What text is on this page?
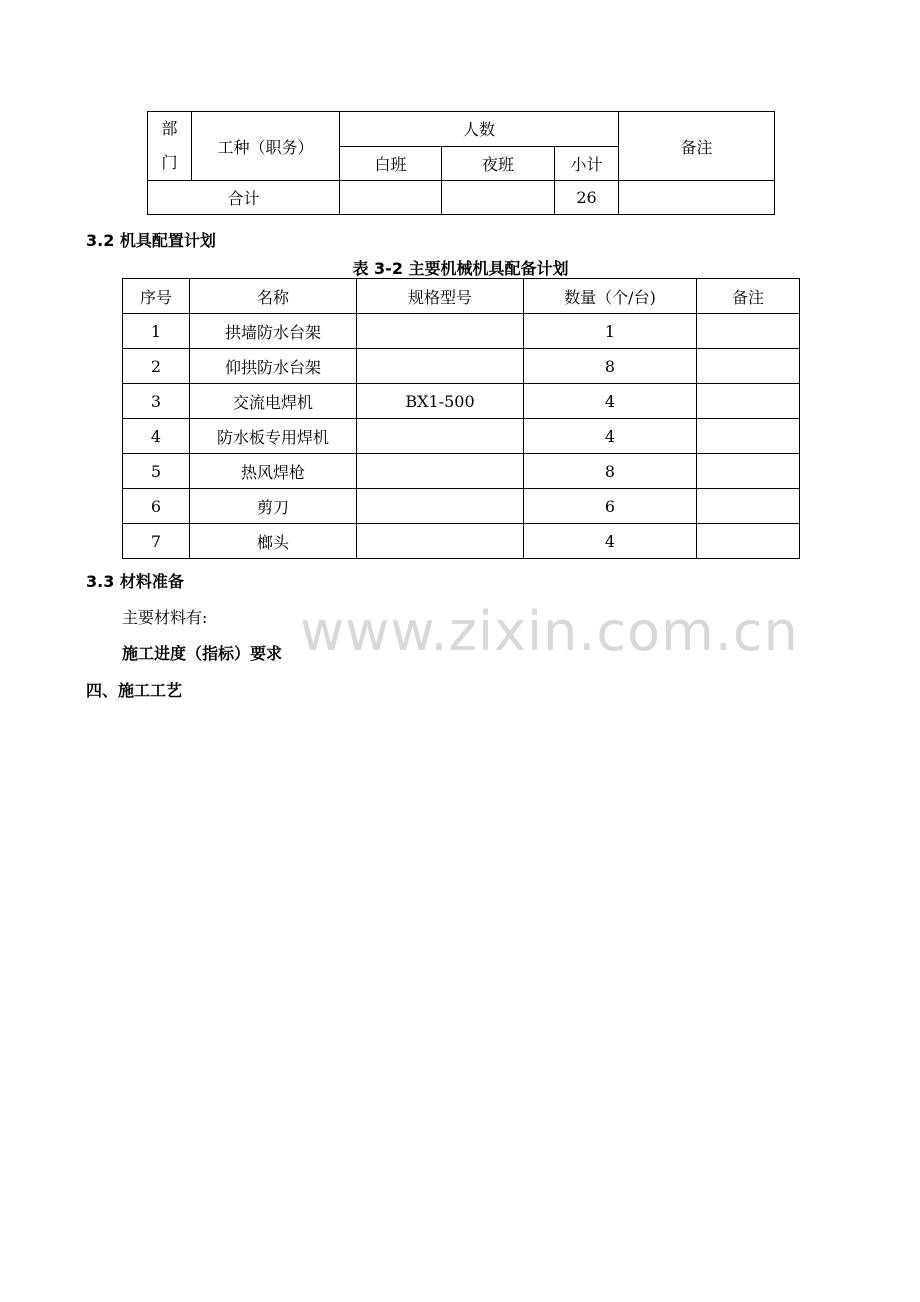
部
门	工种（职务）	人数			备注
		白班	夜班	小计	
合计				26	
3.2 机具配置计划
表 3-2 主要机械机具配备计划
序号	名称	规格型号	数量（个/台)	备注
1	拱墙防水台架		1	
2	仰拱防水台架		8	
3	交流电焊机	BX1-500	4	
4	防水板专用焊机		4	
5	热风焊枪		8	
6	剪刀		6	
7	榔头		4	
3.3 材料准备
主要材料有:
施工进度（指标）要求
四、施工工艺
www.zixin.com.cn
